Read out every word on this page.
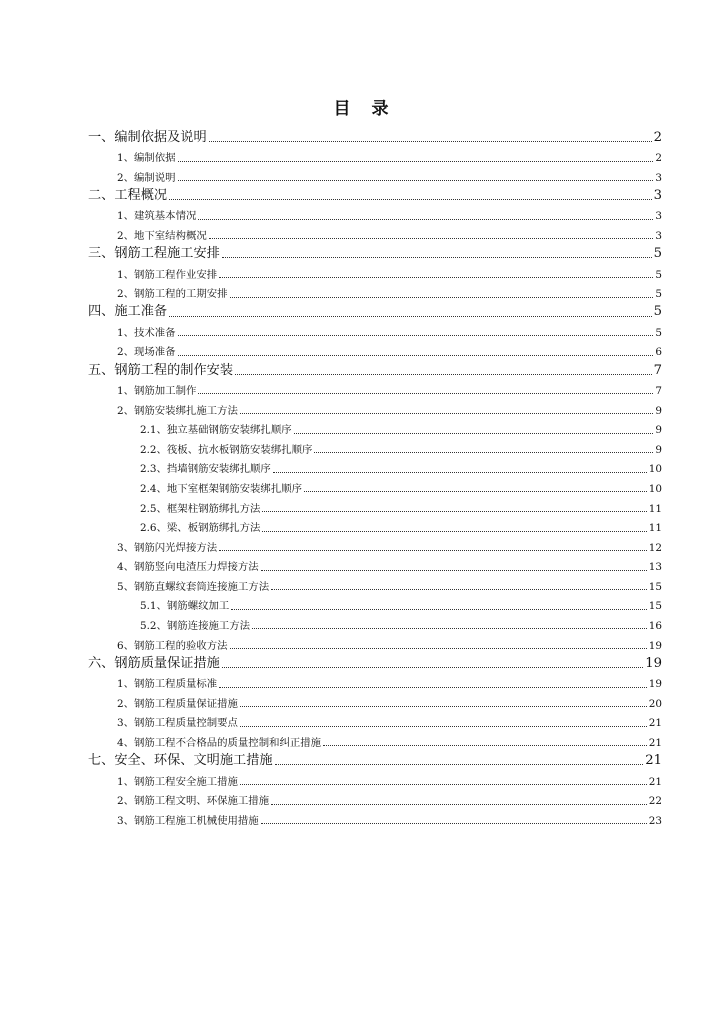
目　录
一、编制依据及说明	2
1、编制依据	2
2、编制说明	3
二、工程概况	3
1、建筑基本情况	3
2、地下室结构概况	3
三、钢筋工程施工安排	5
1、钢筋工程作业安排	5
2、钢筋工程的工期安排	5
四、施工准备	5
1、技术准备	5
2、现场准备	6
五、钢筋工程的制作安装	7
1、钢筋加工制作	7
2、钢筋安装绑扎施工方法	9
2.1、独立基础钢筋安装绑扎顺序	9
2.2、筏板、抗水板钢筋安装绑扎顺序	9
2.3、挡墙钢筋安装绑扎顺序	10
2.4、地下室框架钢筋安装绑扎顺序	10
2.5、框架柱钢筋绑扎方法	11
2.6、梁、板钢筋绑扎方法	11
3、钢筋闪光焊接方法	12
4、钢筋竖向电渣压力焊接方法	13
5、钢筋直螺纹套筒连接施工方法	15
5.1、钢筋螺纹加工	15
5.2、钢筋连接施工方法	16
6、钢筋工程的验收方法	19
六、钢筋质量保证措施	19
1、钢筋工程质量标准	19
2、钢筋工程质量保证措施	20
3、钢筋工程质量控制要点	21
4、钢筋工程不合格品的质量控制和纠正措施	21
七、安全、环保、文明施工措施	21
1、钢筋工程安全施工措施	21
2、钢筋工程文明、环保施工措施	22
3、钢筋工程施工机械使用措施	23
